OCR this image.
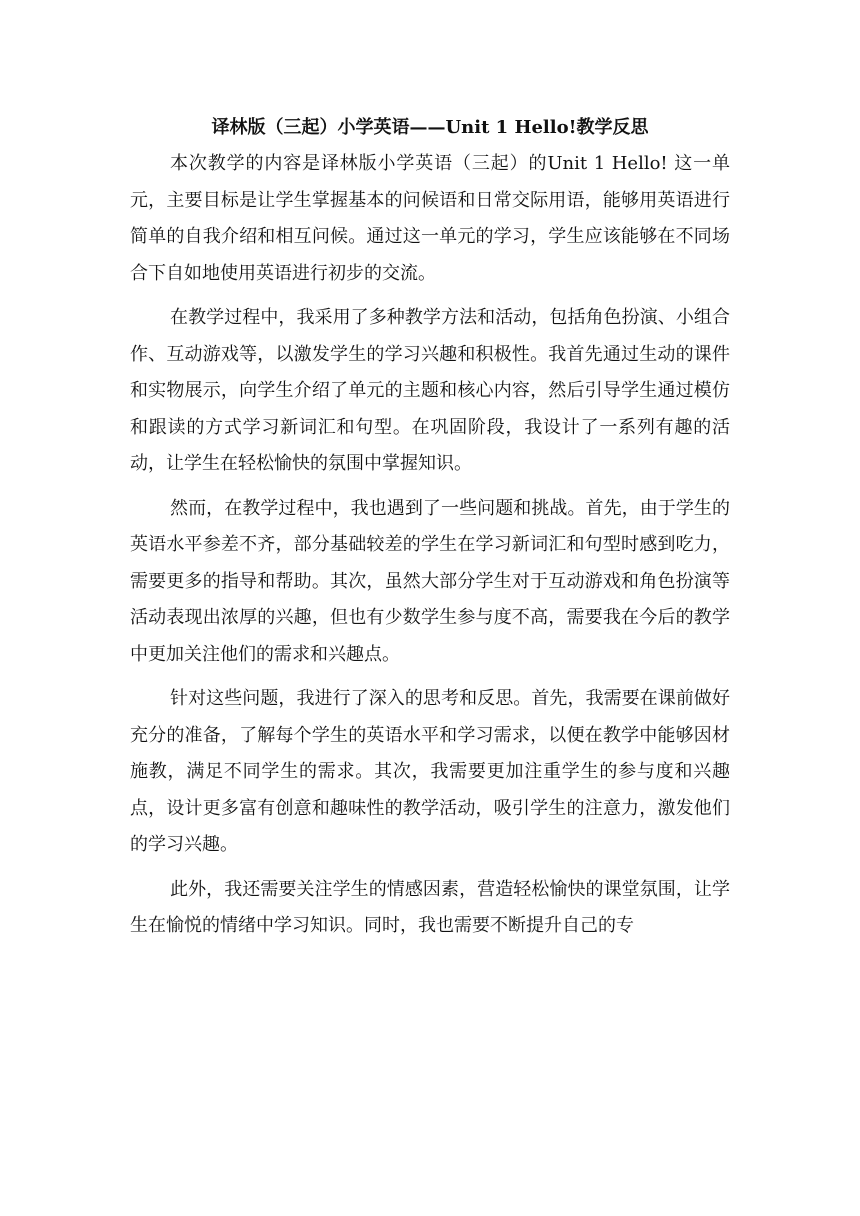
译林版（三起）小学英语——Unit 1 Hello!教学反思

本次教学的内容是译林版小学英语（三起）的Unit 1 Hello! 这一单元，主要目标是让学生掌握基本的问候语和日常交际用语，能够用英语进行简单的自我介绍和相互问候。通过这一单元的学习，学生应该能够在不同场合下自如地使用英语进行初步的交流。

在教学过程中，我采用了多种教学方法和活动，包括角色扮演、小组合作、互动游戏等，以激发学生的学习兴趣和积极性。我首先通过生动的课件和实物展示，向学生介绍了单元的主题和核心内容，然后引导学生通过模仿和跟读的方式学习新词汇和句型。在巩固阶段，我设计了一系列有趣的活动，让学生在轻松愉快的氛围中掌握知识。

然而，在教学过程中，我也遇到了一些问题和挑战。首先，由于学生的英语水平参差不齐，部分基础较差的学生在学习新词汇和句型时感到吃力，需要更多的指导和帮助。其次，虽然大部分学生对于互动游戏和角色扮演等活动表现出浓厚的兴趣，但也有少数学生参与度不高，需要我在今后的教学中更加关注他们的需求和兴趣点。

针对这些问题，我进行了深入的思考和反思。首先，我需要在课前做好充分的准备，了解每个学生的英语水平和学习需求，以便在教学中能够因材施教，满足不同学生的需求。其次，我需要更加注重学生的参与度和兴趣点，设计更多富有创意和趣味性的教学活动，吸引学生的注意力，激发他们的学习兴趣。

此外，我还需要关注学生的情感因素，营造轻松愉快的课堂氛围，让学生在愉悦的情绪中学习知识。同时，我也需要不断提升自己的专
